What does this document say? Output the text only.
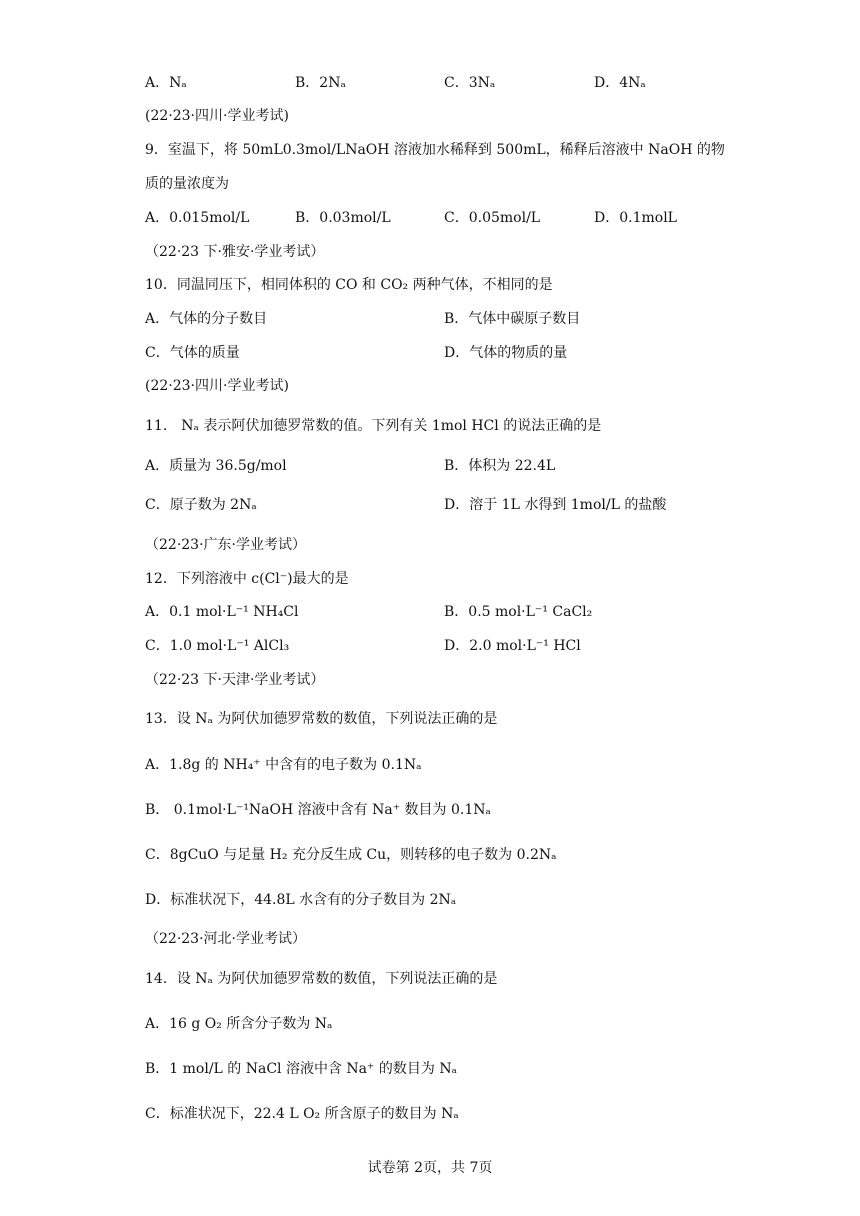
A．Nₐ	B．2Nₐ	C．3Nₐ	D．4Nₐ
(22·23·四川·学业考试)
9．室温下，将 50mL0.3mol/LNaOH 溶液加水稀释到 500mL，稀释后溶液中 NaOH 的物
质的量浓度为
A．0.015mol/L	B．0.03mol/L	C．0.05mol/L	D．0.1molL
（22·23 下·雅安·学业考试）
10．同温同压下，相同体积的 CO 和 CO₂ 两种气体，不相同的是
A．气体的分子数目	B．气体中碳原子数目
C．气体的质量	D．气体的物质的量
(22·23·四川·学业考试)
11． Nₐ 表示阿伏加德罗常数的值。下列有关 1mol HCl 的说法正确的是
A．质量为 36.5g/mol	B．体积为 22.4L
C．原子数为 2Nₐ	D．溶于 1L 水得到 1mol/L 的盐酸
（22·23·广东·学业考试）
12．下列溶液中 c(Cl⁻)最大的是
A．0.1 mol·L⁻¹ NH₄Cl	B．0.5 mol·L⁻¹ CaCl₂
C．1.0 mol·L⁻¹ AlCl₃	D．2.0 mol·L⁻¹ HCl
（22·23 下·天津·学业考试）
13．设 Nₐ 为阿伏加德罗常数的数值，下列说法正确的是
A．1.8g 的 NH₄⁺ 中含有的电子数为 0.1Nₐ
B． 0.1mol·L⁻¹NaOH 溶液中含有 Na⁺ 数目为 0.1Nₐ
C．8gCuO 与足量 H₂ 充分反生成 Cu，则转移的电子数为 0.2Nₐ
D．标准状况下，44.8L 水含有的分子数目为 2Nₐ
（22·23·河北·学业考试）
14．设 Nₐ 为阿伏加德罗常数的数值，下列说法正确的是
A．16 g O₂ 所含分子数为 Nₐ
B．1 mol/L 的 NaCl 溶液中含 Na⁺ 的数目为 Nₐ
C．标准状况下，22.4 L O₂ 所含原子的数目为 Nₐ
试卷第 2页，共 7页
